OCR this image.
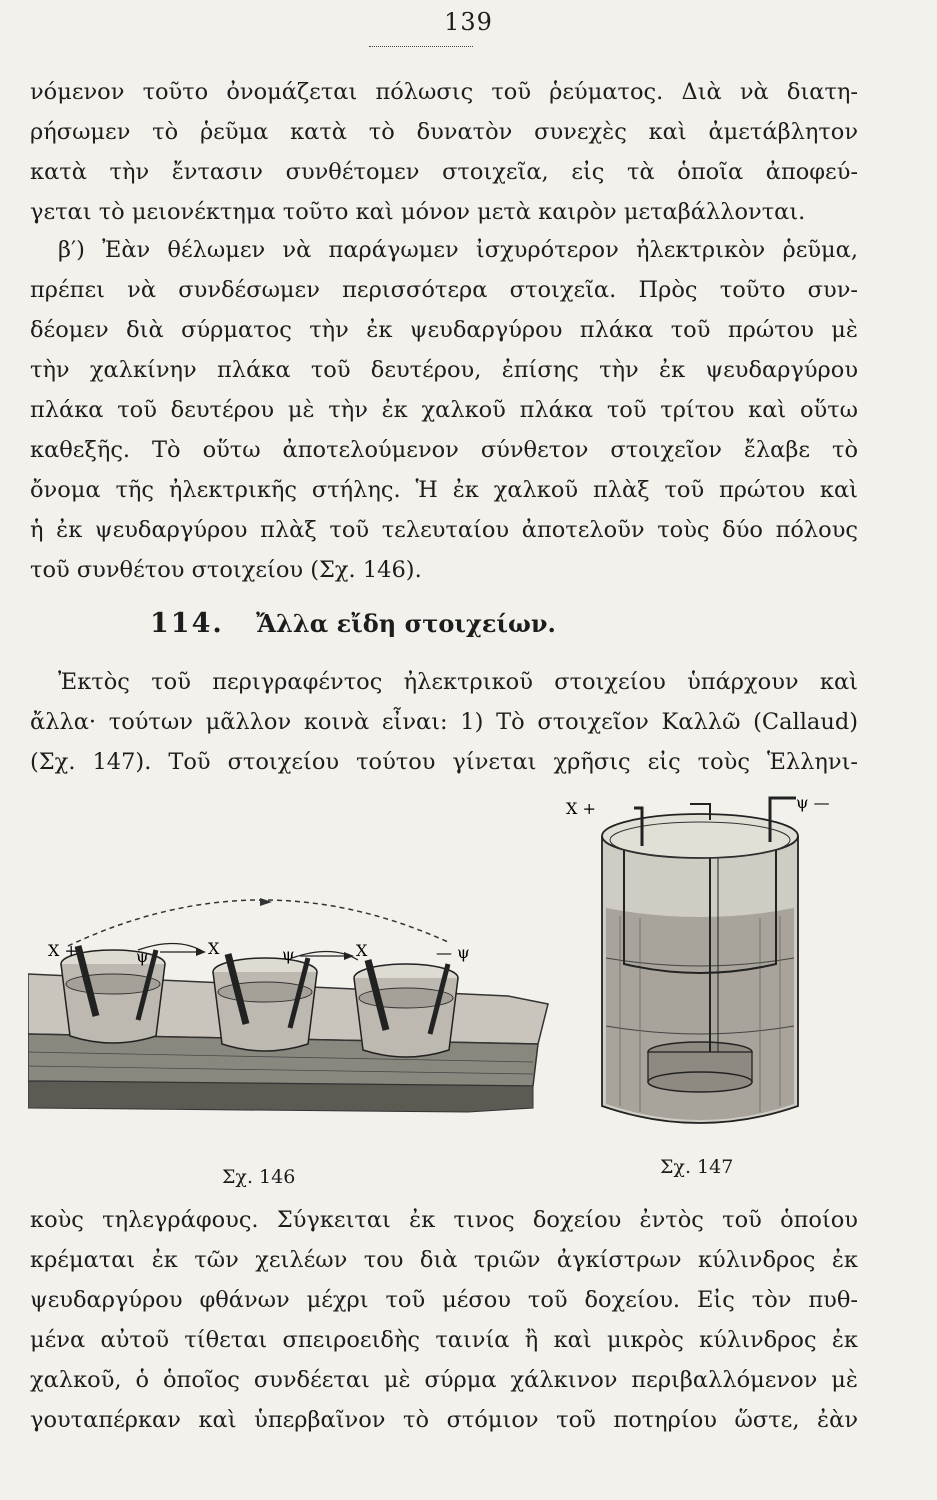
139
νόμενον τοῦτο ὀνομάζεται πόλωσις τοῦ ῥεύματος. Διὰ νὰ διατη-
ρήσωμεν τὸ ῥεῦμα κατὰ τὸ δυνατὸν συνεχὲς καὶ ἀμετάβλητον
κατὰ τὴν ἔντασιν συνθέτομεν στοιχεῖα, εἰς τὰ ὁποῖα ἀποφεύ-
γεται τὸ μειονέκτημα τοῦτο καὶ μόνον μετὰ καιρὸν μεταβάλλονται.
β′) Ἐὰν θέλωμεν νὰ παράγωμεν ἰσχυρότερον ἠλεκτρικὸν ῥεῦμα,
πρέπει νὰ συνδέσωμεν περισσότερα στοιχεῖα. Πρὸς τοῦτο συν-
δέομεν διὰ σύρματος τὴν ἐκ ψευδαργύρου πλάκα τοῦ πρώτου μὲ
τὴν χαλκίνην πλάκα τοῦ δευτέρου, ἐπίσης τὴν ἐκ ψευδαργύρου
πλάκα τοῦ δευτέρου μὲ τὴν ἐκ χαλκοῦ πλάκα τοῦ τρίτου καὶ οὕτω
καθεξῆς. Τὸ οὕτω ἀποτελούμενον σύνθετον στοιχεῖον ἔλαβε τὸ
ὄνομα τῆς ἠλεκτρικῆς στήλης. Ἡ ἐκ χαλκοῦ πλὰξ τοῦ πρώτου καὶ
ἡ ἐκ ψευδαργύρου πλὰξ τοῦ τελευταίου ἀποτελοῦν τοὺς δύο πόλους
τοῦ συνθέτου στοιχείου (Σχ. 146).
114. Ἄλλα εἴδη στοιχείων.
Ἐκτὸς τοῦ περιγραφέντος ἠλεκτρικοῦ στοιχείου ὑπάρχουν καὶ
ἄλλα· τούτων μᾶλλον κοινὰ εἶναι: 1) Τὸ στοιχεῖον Καλλῶ (Callaud)
(Σχ. 147). Τοῦ στοιχείου τούτου γίνεται χρῆσις εἰς τοὺς Ἑλληνι-
Χ +	ψ	Χ	ψ	Χ	— ψ
Σχ. 146
Χ +	ψ —
Σχ. 147
κοὺς τηλεγράφους. Σύγκειται ἐκ τινος δοχείου ἐντὸς τοῦ ὁποίου
κρέμαται ἐκ τῶν χειλέων του διὰ τριῶν ἀγκίστρων κύλινδρος ἐκ
ψευδαργύρου φθάνων μέχρι τοῦ μέσου τοῦ δοχείου. Εἰς τὸν πυθ-
μένα αὐτοῦ τίθεται σπειροειδὴς ταινία ἢ καὶ μικρὸς κύλινδρος ἐκ
χαλκοῦ, ὁ ὁποῖος συνδέεται μὲ σύρμα χάλκινον περιβαλλόμενον μὲ
γουταπέρκαν καὶ ὑπερβαῖνον τὸ στόμιον τοῦ ποτηρίου ὥστε, ἐὰν
